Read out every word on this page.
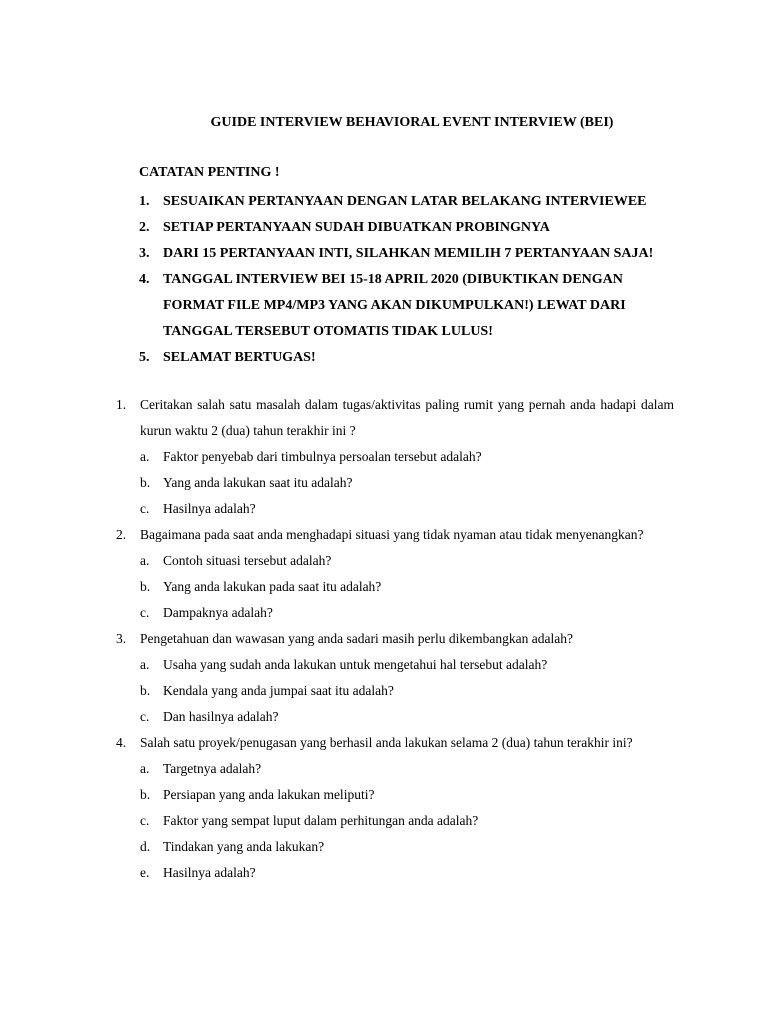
GUIDE INTERVIEW BEHAVIORAL EVENT INTERVIEW (BEI)
CATATAN PENTING !
1. SESUAIKAN PERTANYAAN DENGAN LATAR BELAKANG INTERVIEWEE
2. SETIAP PERTANYAAN SUDAH DIBUATKAN PROBINGNYA
3. DARI 15 PERTANYAAN INTI, SILAHKAN MEMILIH 7 PERTANYAAN SAJA!
4. TANGGAL INTERVIEW BEI 15-18 APRIL 2020 (DIBUKTIKAN DENGAN
FORMAT FILE MP4/MP3 YANG AKAN DIKUMPULKAN!) LEWAT DARI
TANGGAL TERSEBUT OTOMATIS TIDAK LULUS!
5. SELAMAT BERTUGAS!
1. Ceritakan salah satu masalah dalam tugas/aktivitas paling rumit yang pernah anda hadapi dalam kurun waktu 2 (dua) tahun terakhir ini ?
a. Faktor penyebab dari timbulnya persoalan tersebut adalah?
b. Yang anda lakukan saat itu adalah?
c. Hasilnya adalah?
2. Bagaimana pada saat anda menghadapi situasi yang tidak nyaman atau tidak menyenangkan?
a. Contoh situasi tersebut adalah?
b. Yang anda lakukan pada saat itu adalah?
c. Dampaknya adalah?
3. Pengetahuan dan wawasan yang anda sadari masih perlu dikembangkan adalah?
a. Usaha yang sudah anda lakukan untuk mengetahui hal tersebut adalah?
b. Kendala yang anda jumpai saat itu adalah?
c. Dan hasilnya adalah?
4. Salah satu proyek/penugasan yang berhasil anda lakukan selama 2 (dua) tahun terakhir ini?
a. Targetnya adalah?
b. Persiapan yang anda lakukan meliputi?
c. Faktor yang sempat luput dalam perhitungan anda adalah?
d. Tindakan yang anda lakukan?
e. Hasilnya adalah?
